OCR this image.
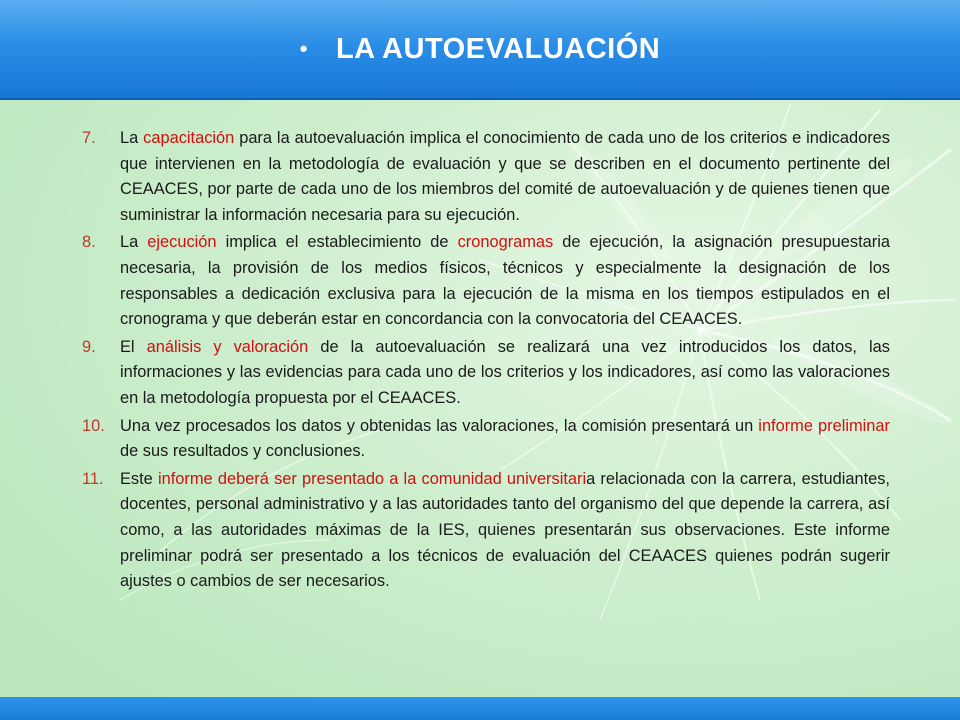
• LA AUTOEVALUACIÓN
7.	La capacitación para la autoevaluación implica el conocimiento de cada uno de los criterios e indicadores que intervienen en la metodología de evaluación y que se describen en el documento pertinente del CEAACES, por parte de cada uno de los miembros del comité de autoevaluación y de quienes tienen que suministrar la información necesaria para su ejecución.
8.	La ejecución implica el establecimiento de cronogramas de ejecución, la asignación presupuestaria necesaria, la provisión de los medios físicos, técnicos y especialmente la designación de los responsables a dedicación exclusiva para la ejecución de la misma en los tiempos estipulados en el cronograma y que deberán estar en concordancia con la convocatoria del CEAACES.
9.	El análisis y valoración de la autoevaluación se realizará una vez introducidos los datos, las informaciones y las evidencias para cada uno de los criterios y los indicadores, así como las valoraciones en la metodología propuesta por el CEAACES.
10. Una vez procesados los datos y obtenidas las valoraciones, la comisión presentará un informe preliminar de sus resultados y conclusiones.
11.	Este informe deberá ser presentado a la comunidad universitaria relacionada con la carrera, estudiantes, docentes, personal administrativo y a las autoridades tanto del organismo del que depende la carrera, así como, a las autoridades máximas de la IES, quienes presentarán sus observaciones. Este informe preliminar podrá ser presentado a los técnicos de evaluación del CEAACES quienes podrán sugerir ajustes o cambios de ser necesarios.
